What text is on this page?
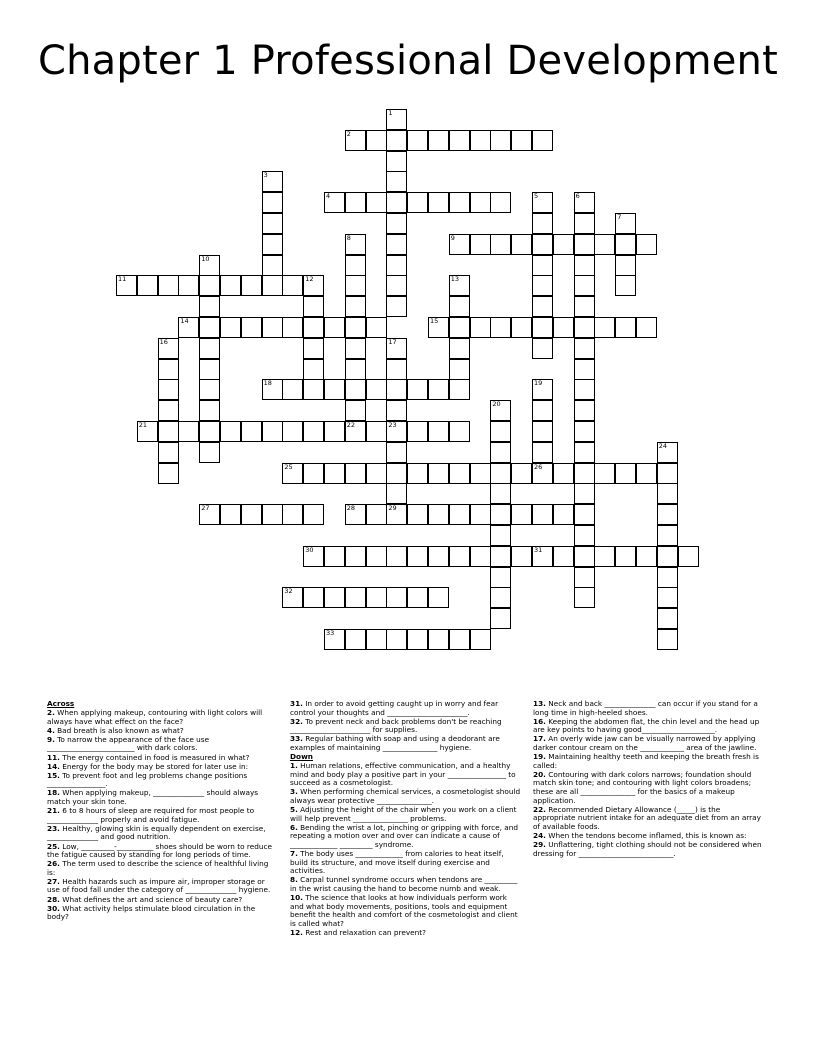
Chapter 1 Professional Development
1
2
3
4	5	6
7
8
22
9
10
11	12	13
14	15
16	17
23
29
18	19
26
20
21
24
25
27	28
30	31
32
33

Across

2. When applying makeup, contouring with light colors will always have what effect on the face?

4. Bad breath is also known as what?

9. To narrow the appearance of the face use ________________________ with dark colors.

11. The energy contained in food is measured in what?

14. Energy for the body may be stored for later use in:

15. To prevent foot and leg problems change positions ________________.

18. When applying makeup, ______________ should always match your skin tone.

21. 6 to 8 hours of sleep are required for most people to ______________ properly and avoid fatigue.

23. Healthy, glowing skin is equally dependent on exercise, ______________ and good nutrition.

25. Low, _________-__________ shoes should be worn to reduce the fatigue caused by standing for long periods of time.

26. The term used to describe the science of healthful living is:

27. Health hazards such as impure air, improper storage or use of food fall under the category of ______________ hygiene.

28. What defines the art and science of beauty care?

30. What activity helps stimulate blood circulation in the body?

31. In order to avoid getting caught up in worry and fear control your thoughts and ______________________.

32. To prevent neck and back problems don't be reaching ______________________ for supplies.

33. Regular bathing with soap and using a deodorant are examples of maintaining _______________ hygiene.

Down

1. Human relations, effective communication, and a healthy mind and body play a positive part in your ________________ to succeed as a cosmetologist.

3. When performing chemical services, a cosmetologist should always wear protective _______________.

5. Adjusting the height of the chair when you work on a client will help prevent _______________ problems.

6. Bending the wrist a lot, pinching or gripping with force, and repeating a motion over and over can indicate a cause of _____________ _________ syndrome.

7. The body uses _____________ from calories to heat itself, build its structure, and move itself during exercise and activities.

8. Carpal tunnel syndrome occurs when tendons are _________ in the wrist causing the hand to become numb and weak.

10. The science that looks at how individuals perform work and what body movements, positions, tools and equipment benefit the health and comfort of the cosmetologist and client is called what?

12. Rest and relaxation can prevent?

13. Neck and back ______________ can occur if you stand for a long time in high-heeled shoes.

16. Keeping the abdomen flat, the chin level and the head up are key points to having good____________________.

17. An overly wide jaw can be visually narrowed by applying darker contour cream on the ____________ area of the jawline.

19. Maintaining healthy teeth and keeping the breath fresh is called:

20. Contouring with dark colors narrows; foundation should match skin tone; and contouring with light colors broadens; these are all _______________ for the basics of a makeup application.

22. Recommended Dietary Allowance (_____) is the appropriate nutrient intake for an adequate diet from an array of available foods.

24. When the tendons become inflamed, this is known as:

29. Unflattering, tight clothing should not be considered when dressing for __________________________.
